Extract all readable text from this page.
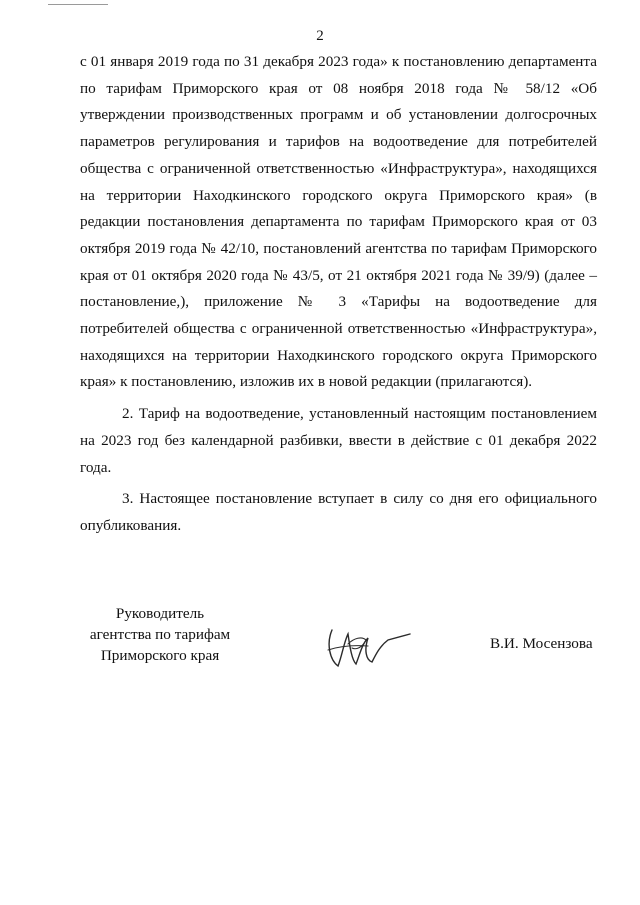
2

с 01 января 2019 года по 31 декабря 2023 года» к постановлению департамента по тарифам Приморского края от 08 ноября 2018 года № 58/12 «Об утверждении производственных программ и об установлении долгосрочных параметров регулирования и тарифов на водоотведение для потребителей общества с ограниченной ответственностью «Инфраструктура», находящихся на территории Находкинского городского округа Приморского края» (в редакции постановления департамента по тарифам Приморского края от 03 октября 2019 года № 42/10, постановлений агентства по тарифам Приморского края от 01 октября 2020 года № 43/5, от 21 октября 2021 года № 39/9) (далее – постановление,), приложение № 3 «Тарифы на водоотведение для потребителей общества с ограниченной ответственностью «Инфраструктура», находящихся на территории Находкинского городского округа Приморского края» к постановлению, изложив их в новой редакции (прилагаются).

2. Тариф на водоотведение, установленный настоящим постановлением на 2023 год без календарной разбивки, ввести в действие с 01 декабря 2022 года.

3. Настоящее постановление вступает в силу со дня его официального опубликования.

Руководитель
агентства по тарифам
Приморского края
В.И. Мосензова
